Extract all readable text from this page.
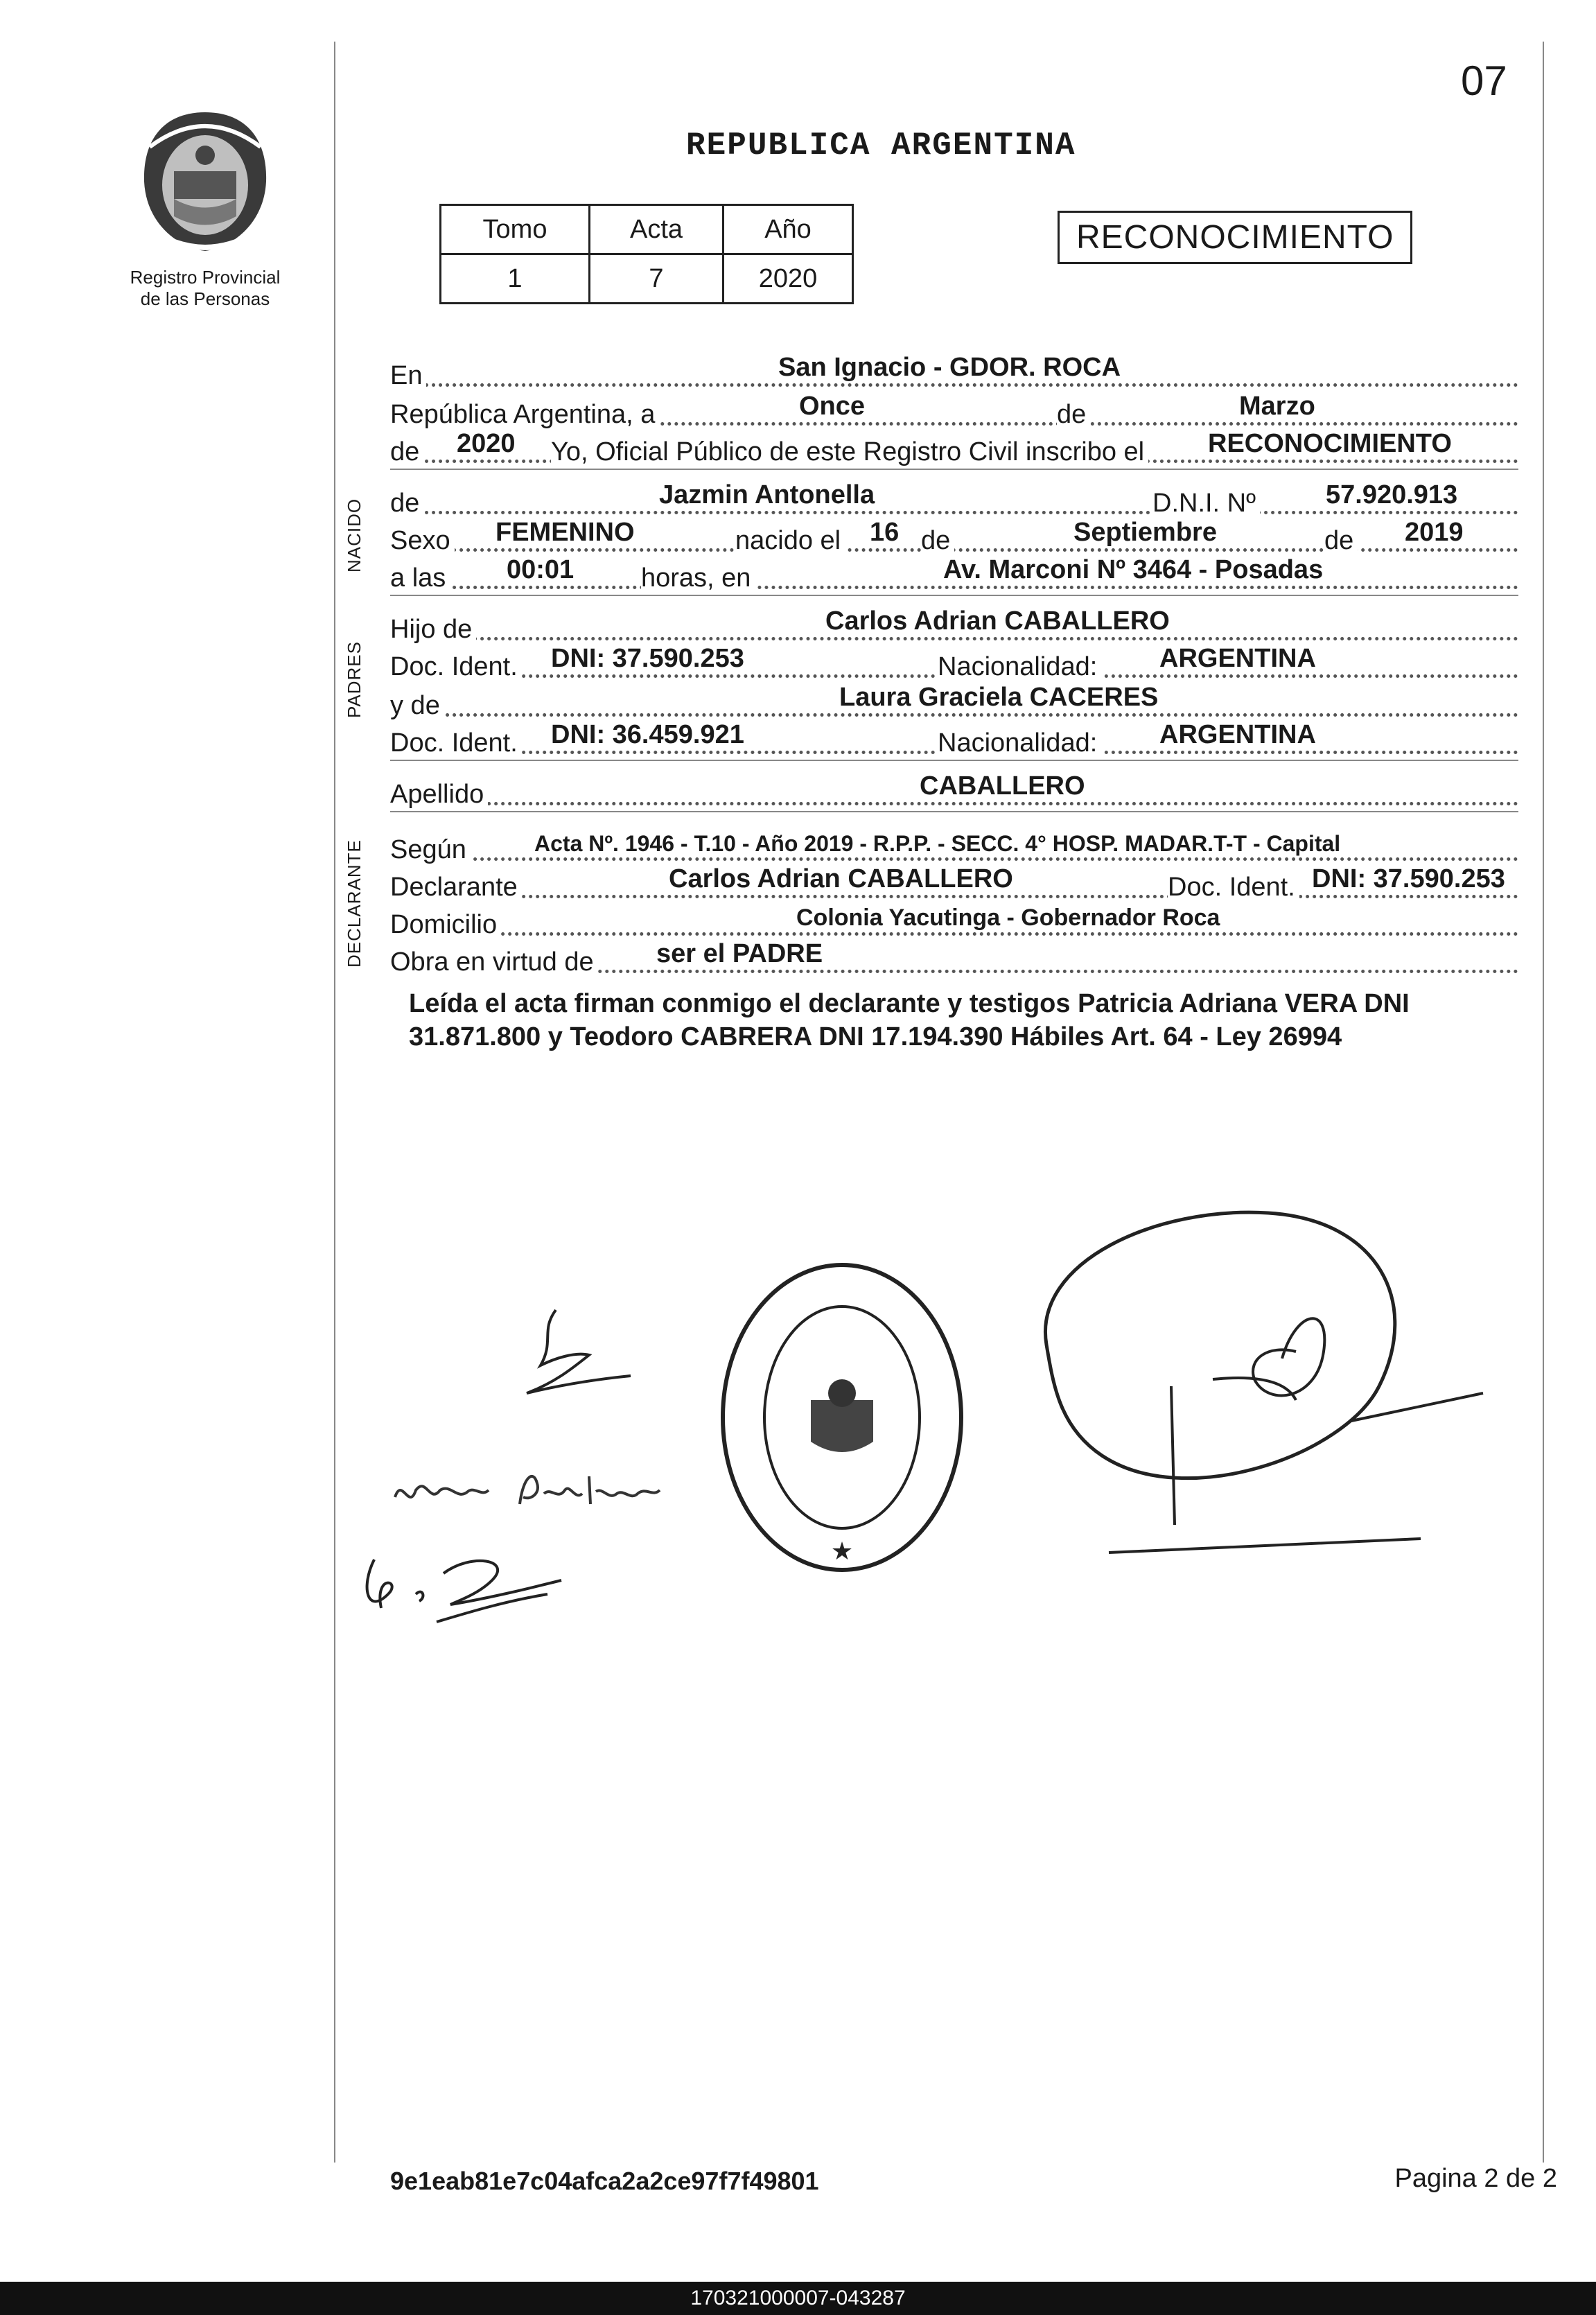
07
Registro Provincial
de las Personas
REPUBLICA ARGENTINA
Tomo	Acta	Año
1	7	2020
RECONOCIMIENTO
NACIDO
PADRES
DECLARANTE
En	San Ignacio - GDOR. ROCA
República Argentina, a	Once	de	Marzo
de 2020 Yo, Oficial Público de este Registro Civil inscribo el RECONOCIMIENTO
de	Jazmin Antonella	D.N.I. Nº	57.920.913
Sexo FEMENINO	nacido el 16 de	Septiembre	de 2019
a las 00:01	horas, en	Av. Marconi Nº 3464 - Posadas
Hijo de	Carlos Adrian CABALLERO
Doc. Ident. DNI: 37.590.253	Nacionalidad: ARGENTINA
y de	Laura Graciela CACERES
Doc. Ident. DNI: 36.459.921	Nacionalidad: ARGENTINA
Apellido	CABALLERO
Según	Acta Nº. 1946 - T.10 - Año 2019 - R.P.P. - SECC. 4° HOSP. MADAR.T-T - Capital
Declarante	Carlos Adrian CABALLERO	Doc. Ident. DNI: 37.590.253
Domicilio	Colonia Yacutinga - Gobernador Roca
Obra en virtud de ser el PADRE
Leída el acta firman conmigo el declarante y testigos Patricia Adriana VERA DNI 31.871.800 y Teodoro CABRERA DNI 17.194.390 Hábiles Art. 64 - Ley 26994
vera Patricia
★
9e1eab81e7c04afca2a2ce97f7f49801	Pagina 2 de 2
170321000007-043287
